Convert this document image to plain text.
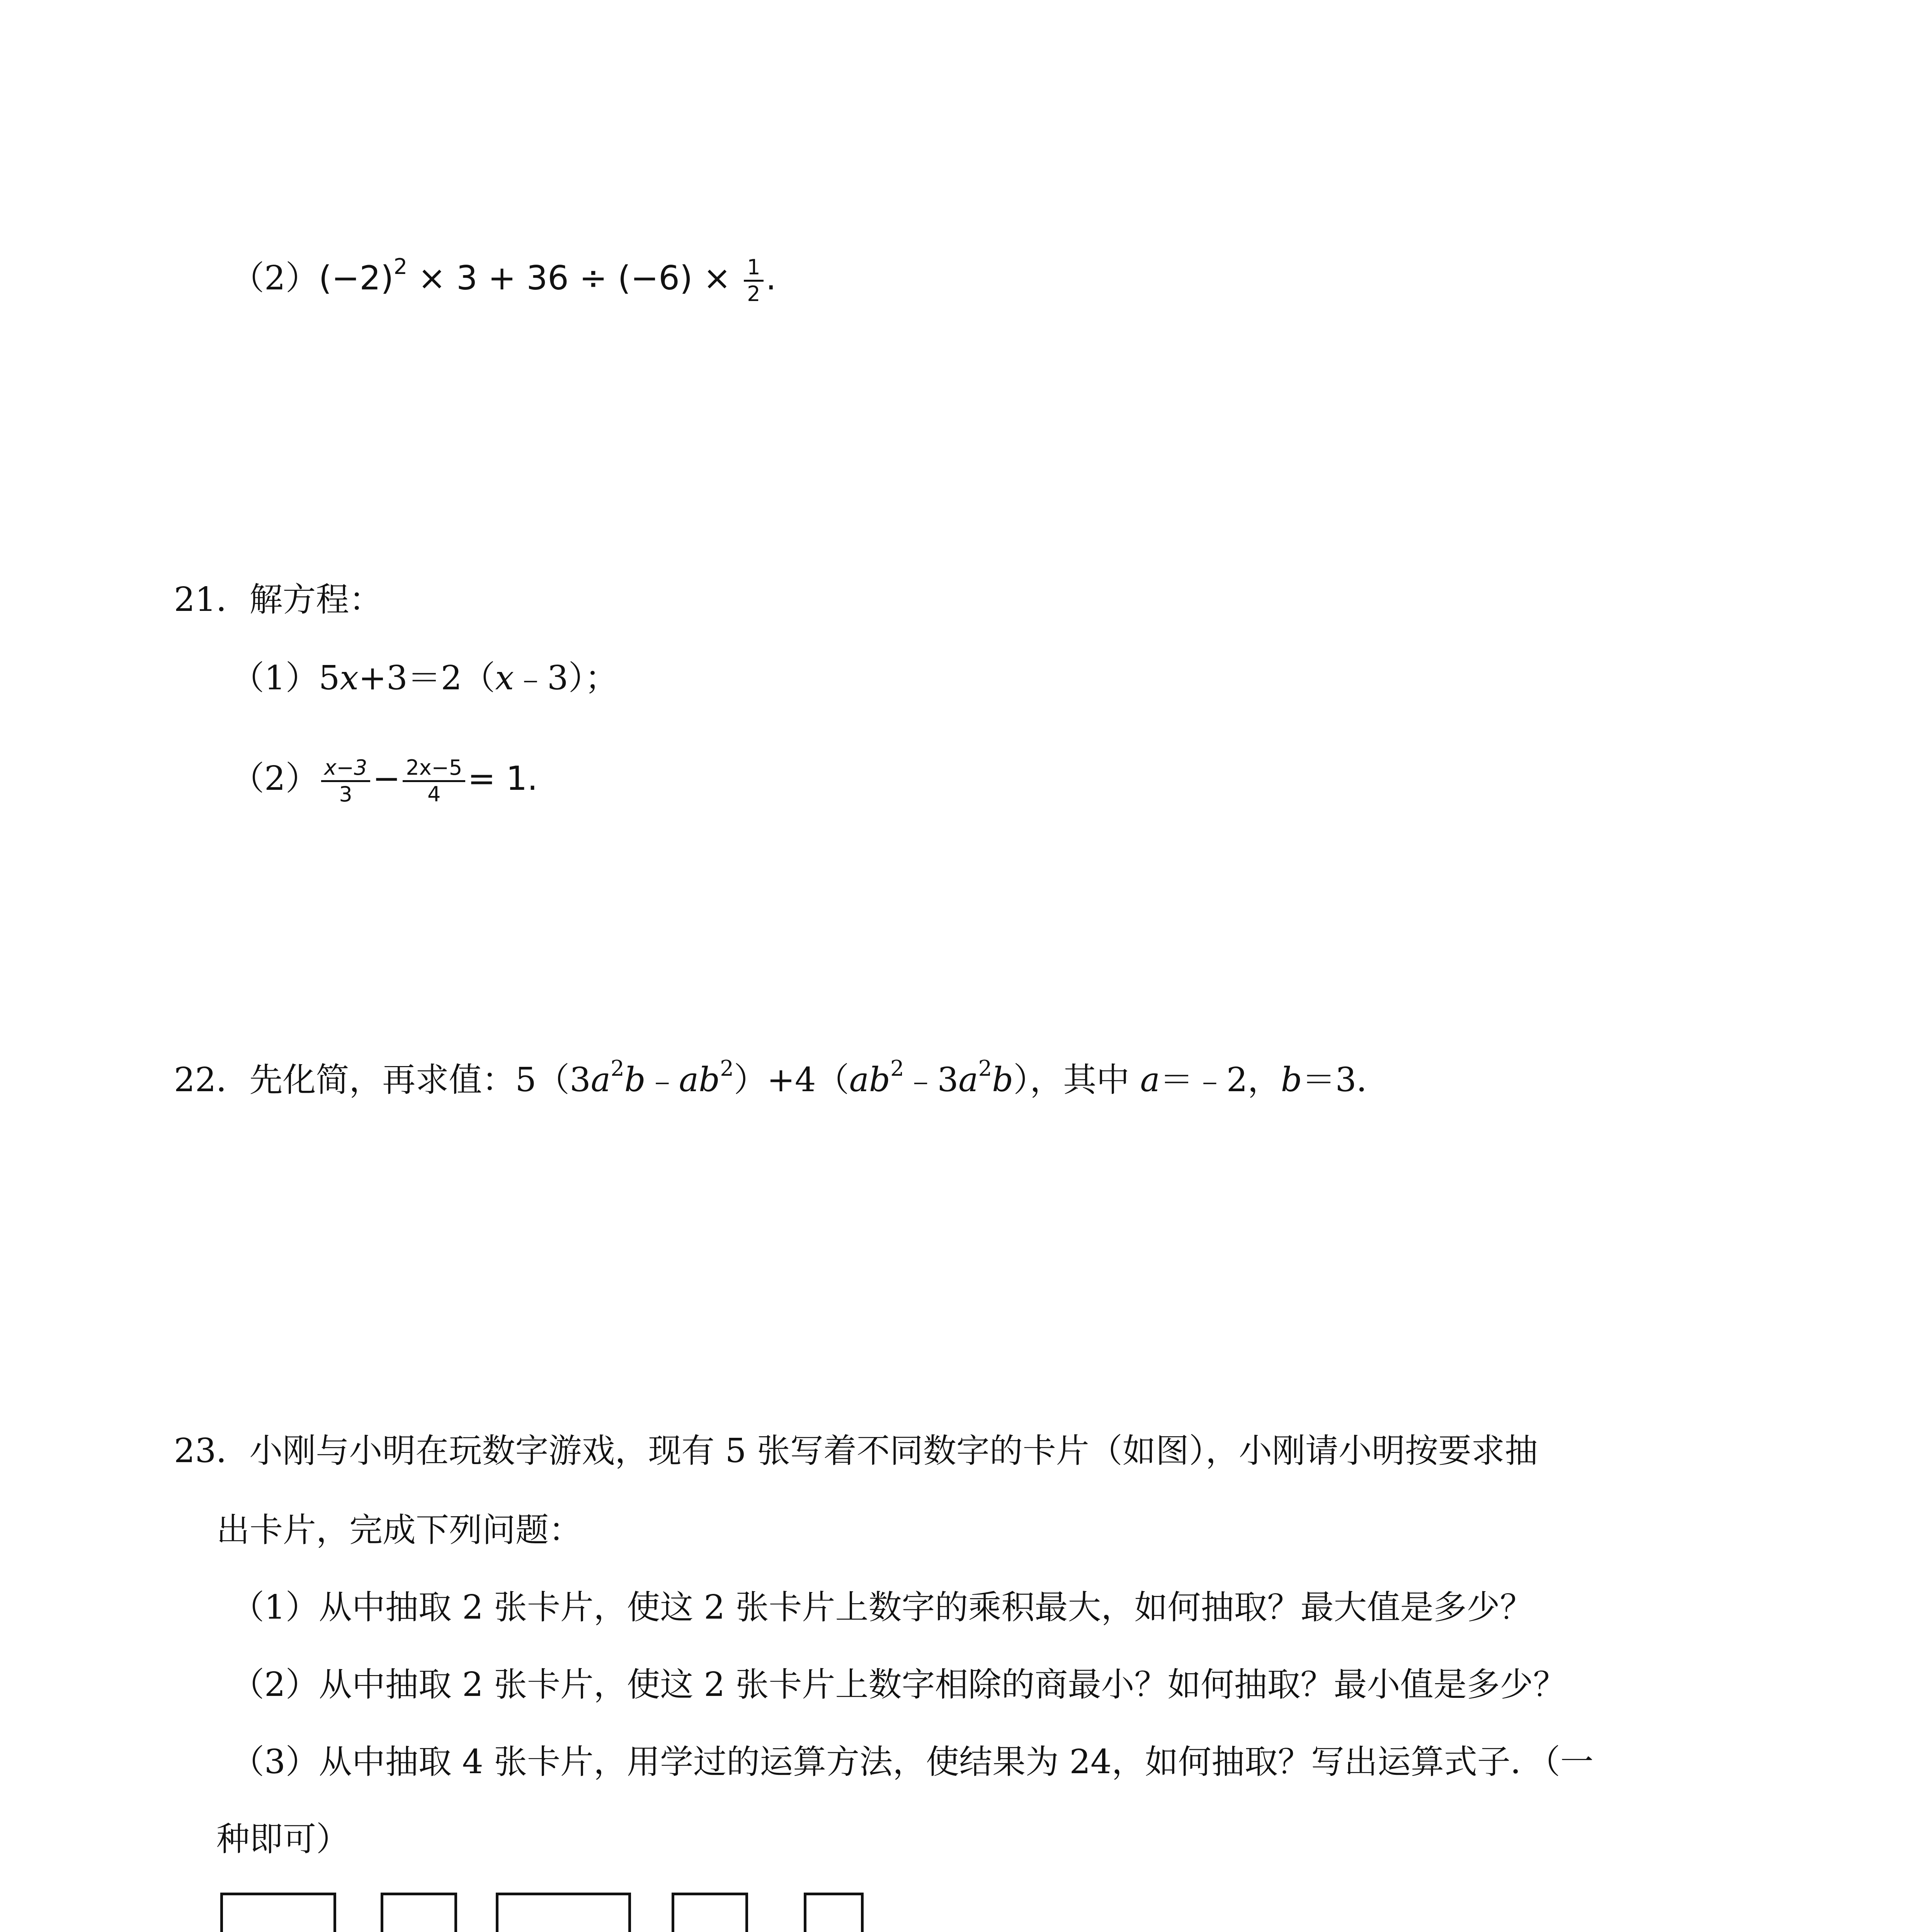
$(2)(-2)^2 \times 3 + 36 \div (-6) \times \frac{1}{2}$ .
21．解方程：
（1）5x+3＝2（x﹣3）；
$(2) \frac{x-3}{3} - \frac{2x-5}{4} = 1$.
22．先化简，再求值：$5(3a^2b﹣ab^2)+4(ab^2﹣3a^2b)$，其中 a＝﹣2，b＝3．
23．小刚与小明在玩数字游戏，现有 5 张写着不同数字的卡片（如图），小刚请小明按要求抽
出卡片，完成下列问题：
（1）从中抽取 2 张卡片，使这 2 张卡片上数字的乘积最大，如何抽取？最大值是多少？
（2）从中抽取 2 张卡片，使这 2 张卡片上数字相除的商最小？如何抽取？最小值是多少？
（3）从中抽取 4 张卡片，用学过的运算方法，使结果为 24，如何抽取？写出运算式子．（一
种即可）
